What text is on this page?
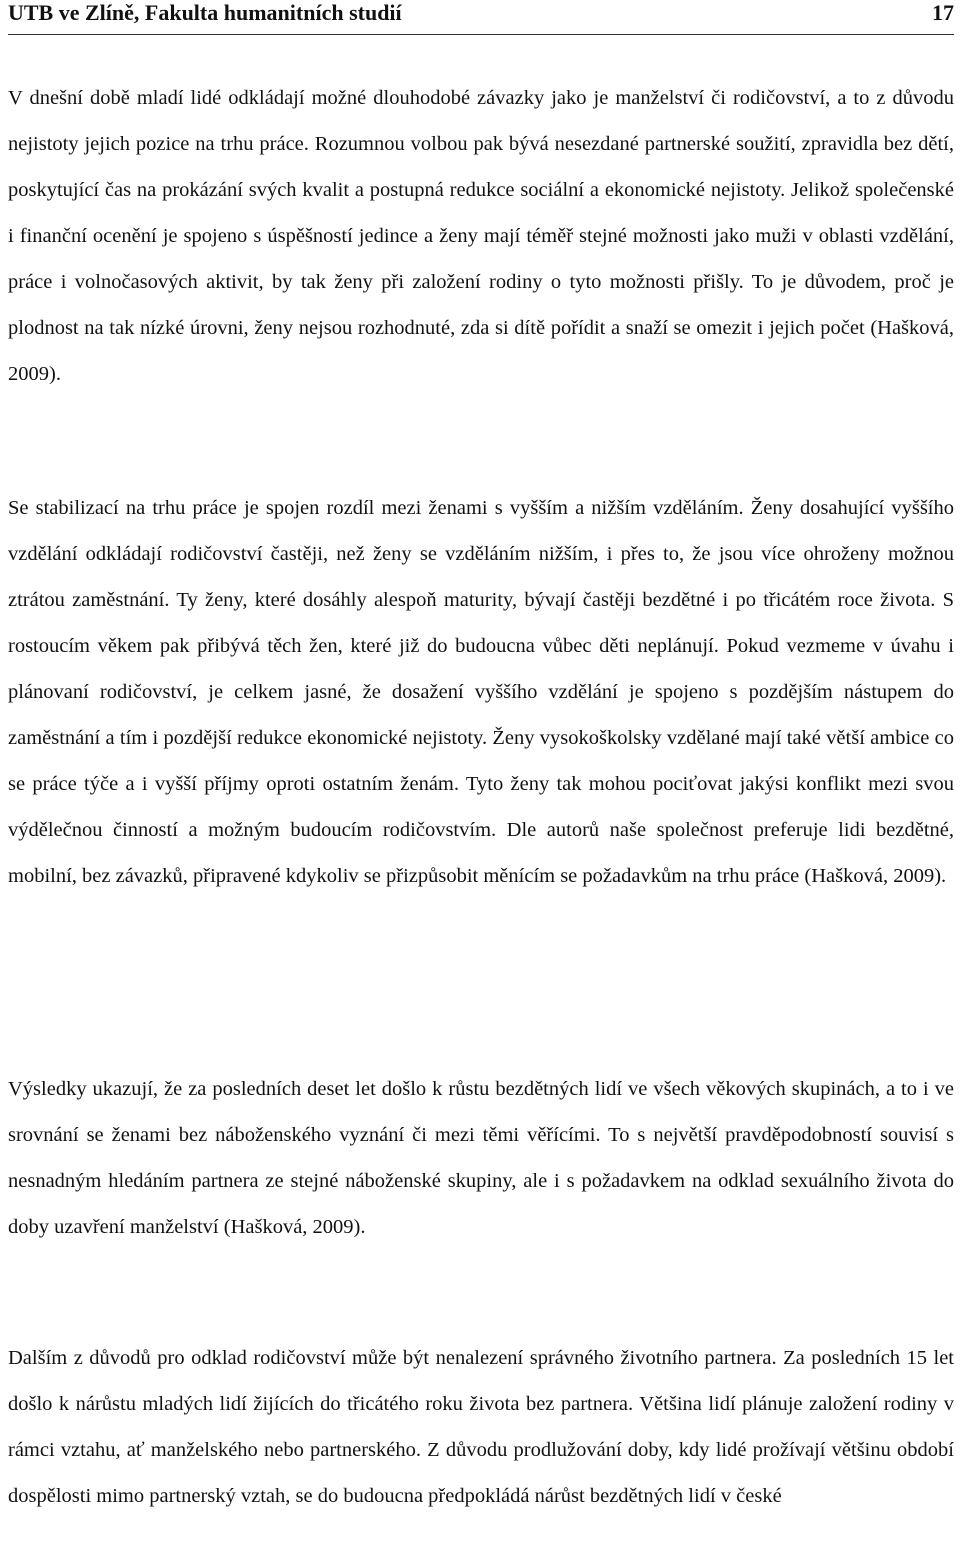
UTB ve Zlíně, Fakulta humanitních studií	17

V dnešní době mladí lidé odkládají možné dlouhodobé závazky jako je manželství či rodičovství, a to z důvodu nejistoty jejich pozice na trhu práce. Rozumnou volbou pak bývá nesezdané partnerské soužití, zpravidla bez dětí, poskytující čas na prokázání svých kvalit a postupná redukce sociální a ekonomické nejistoty. Jelikož společenské i finanční ocenění je spojeno s úspěšností jedince a ženy mají téměř stejné možnosti jako muži v oblasti vzdělání, práce i volnočasových aktivit, by tak ženy při založení rodiny o tyto možnosti přišly. To je důvodem, proč je plodnost na tak nízké úrovni, ženy nejsou rozhodnuté, zda si dítě pořídit a snaží se omezit i jejich počet (Hašková, 2009).

Se stabilizací na trhu práce je spojen rozdíl mezi ženami s vyšším a nižším vzděláním. Ženy dosahující vyššího vzdělání odkládají rodičovství častěji, než ženy se vzděláním nižším, i přes to, že jsou více ohroženy možnou ztrátou zaměstnání. Ty ženy, které dosáhly alespoň maturity, bývají častěji bezdětné i po třicátém roce života. S rostoucím věkem pak přibývá těch žen, které již do budoucna vůbec děti neplánují. Pokud vezmeme v úvahu i plánovaní rodičovství, je celkem jasné, že dosažení vyššího vzdělání je spojeno s pozdějším nástupem do zaměstnání a tím i pozdější redukce ekonomické nejistoty. Ženy vysokoškolsky vzdělané mají také větší ambice co se práce týče a i vyšší příjmy oproti ostatním ženám. Tyto ženy tak mohou pociťovat jakýsi konflikt mezi svou výdělečnou činností a možným budoucím rodičovstvím. Dle autorů naše společnost preferuje lidi bezdětné, mobilní, bez závazků, připravené kdykoliv se přizpůsobit měnícím se požadavkům na trhu práce (Hašková, 2009).

Výsledky ukazují, že za posledních deset let došlo k růstu bezdětných lidí ve všech věkových skupinách, a to i ve srovnání se ženami bez náboženského vyznání či mezi těmi věřícími. To s největší pravděpodobností souvisí s nesnadným hledáním partnera ze stejné náboženské skupiny, ale i s požadavkem na odklad sexuálního života do doby uzavření manželství (Hašková, 2009).

Dalším z důvodů pro odklad rodičovství může být nenalezení správného životního partnera. Za posledních 15 let došlo k nárůstu mladých lidí žijících do třicátého roku života bez partnera. Většina lidí plánuje založení rodiny v rámci vztahu, ať manželského nebo partnerského. Z důvodu prodlužování doby, kdy lidé prožívají většinu období dospělosti mimo partnerský vztah, se do budoucna předpokládá nárůst bezdětných lidí v české
